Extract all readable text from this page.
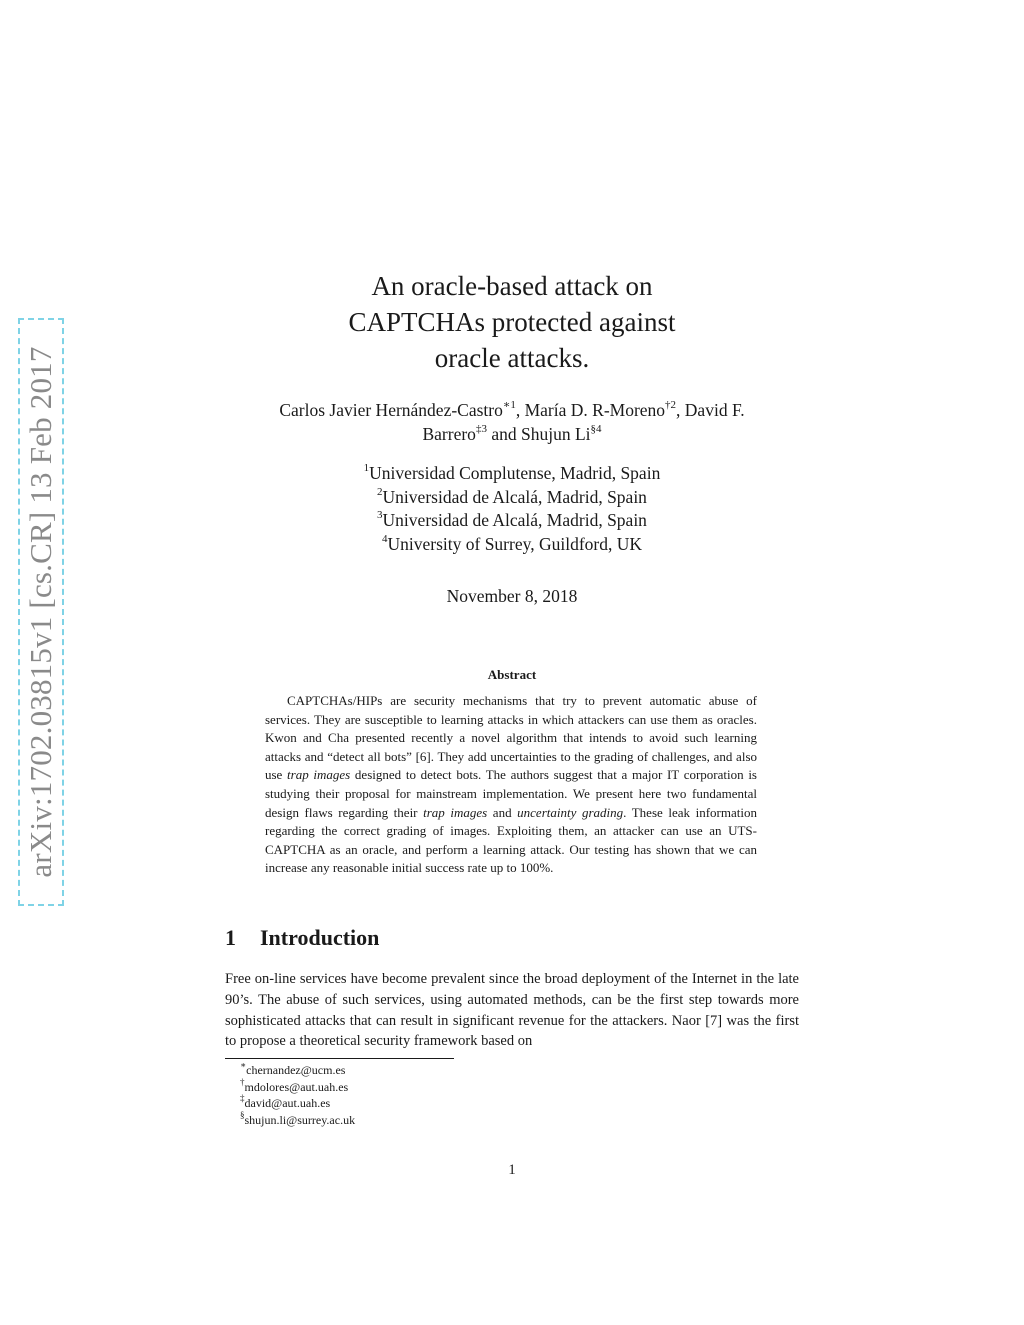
arXiv:1702.03815v1 [cs.CR] 13 Feb 2017
An oracle-based attack on
CAPTCHAs protected against
oracle attacks.
Carlos Javier Hernández-Castro$^{∗1}$, María D. R-Moreno$^{\dagger 2}$, David F.
Barrero$^{\ddagger 3}$ and Shujun Li$^{\S 4}$
$^1$Universidad Complutense, Madrid, Spain
$^2$Universidad de Alcalá, Madrid, Spain
$^3$Universidad de Alcalá, Madrid, Spain
$^4$University of Surrey, Guildford, UK
November 8, 2018
Abstract
CAPTCHAs/HIPs are security mechanisms that try to prevent automatic abuse of services. They are susceptible to learning attacks in which attackers can use them as oracles. Kwon and Cha presented recently a novel algorithm that intends to avoid such learning attacks and “detect all bots” [6]. They add uncertainties to the grading of challenges, and also use trap images designed to detect bots. The authors suggest that a major IT corporation is studying their proposal for mainstream implementation. We present here two fundamental design flaws regarding their trap images and uncertainty grading. These leak information regarding the correct grading of images. Exploiting them, an attacker can use an UTS-CAPTCHA as an oracle, and perform a learning attack. Our testing has shown that we can increase any reasonable initial success rate up to 100%.
1 Introduction
Free on-line services have become prevalent since the broad deployment of the Internet in the late 90’s. The abuse of such services, using automated methods, can be the first step towards more sophisticated attacks that can result in significant revenue for the attackers. Naor [7] was the first to propose a theoretical security framework based on
∗chernandez@ucm.es
†mdolores@aut.uah.es
‡david@aut.uah.es
§shujun.li@surrey.ac.uk
1
